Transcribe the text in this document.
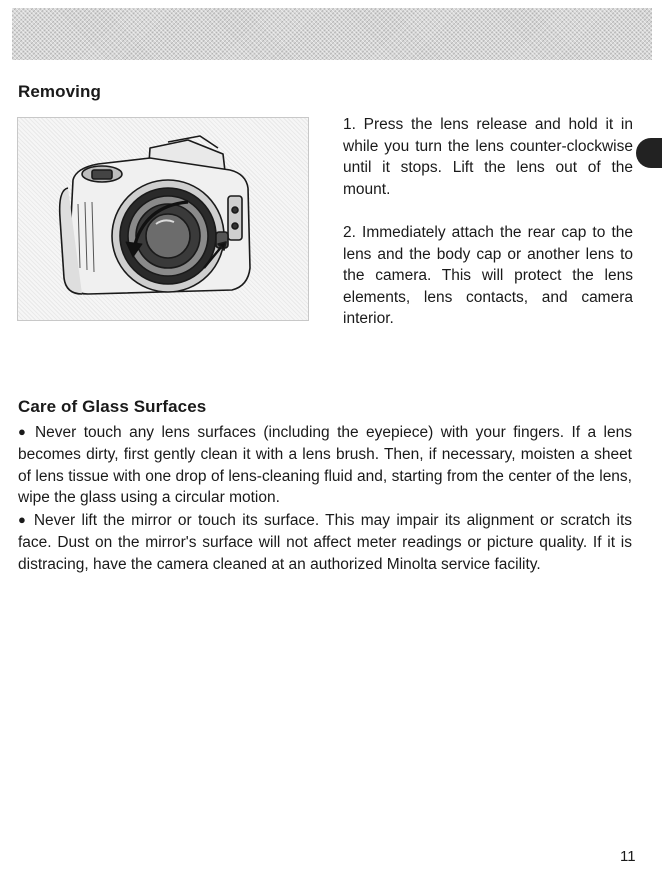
Removing

1. Press the lens release and hold it in while you turn the lens counter-clockwise until it stops. Lift the lens out of the mount.

2. Immediately attach the rear cap to the lens and the body cap or another lens to the camera. This will protect the lens elements, lens contacts, and camera interior.

Care of Glass Surfaces

● Never touch any lens surfaces (including the eyepiece) with your fingers. If a lens becomes dirty, first gently clean it with a lens brush. Then, if necessary, moisten a sheet of lens tissue with one drop of lens-cleaning fluid and, starting from the center of the lens, wipe the glass using a circular motion.

● Never lift the mirror or touch its surface. This may impair its alignment or scratch its face. Dust on the mirror's surface will not affect meter readings or picture quality. If it is distracing, have the camera cleaned at an authorized Minolta service facility.

11
